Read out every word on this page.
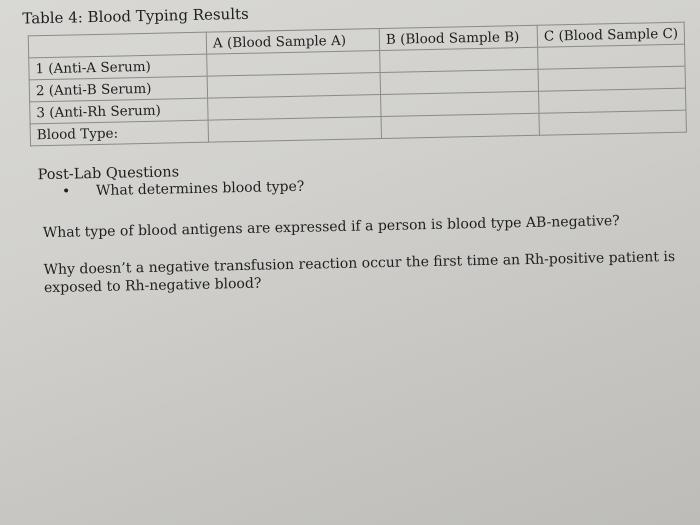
Table 4: Blood Typing Results
	A (Blood Sample A)	B (Blood Sample B)	C (Blood Sample C)
1 (Anti-A Serum)			
2 (Anti-B Serum)			
3 (Anti-Rh Serum)			
Blood Type:			
Post-Lab Questions
• What determines blood type?
What type of blood antigens are expressed if a person is blood type AB-negative?
Why doesn’t a negative transfusion reaction occur the first time an Rh-positive patient is exposed to Rh-negative blood?
